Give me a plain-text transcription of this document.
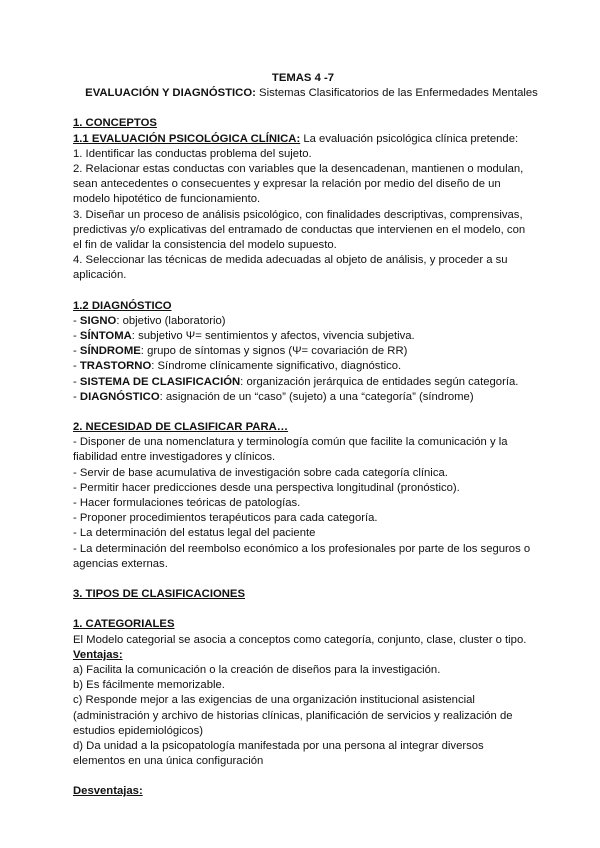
TEMAS 4 -7
EVALUACIÓN Y DIAGNÓSTICO: Sistemas Clasificatorios de las Enfermedades Mentales
1. CONCEPTOS
1.1 EVALUACIÓN PSICOLÓGICA CLÍNICA: La evaluación psicológica clínica pretende:
1. Identificar las conductas problema del sujeto.
2. Relacionar estas conductas con variables que la desencadenan, mantienen o modulan, sean antecedentes o consecuentes y expresar la relación por medio del diseño de un modelo hipotético de funcionamiento.
3. Diseñar un proceso de análisis psicológico, con finalidades descriptivas, comprensivas, predictivas y/o explicativas del entramado de conductas que intervienen en el modelo, con el fin de validar la consistencia del modelo supuesto.
4. Seleccionar las técnicas de medida adecuadas al objeto de análisis, y proceder a su aplicación.
1.2 DIAGNÓSTICO
- SIGNO: objetivo (laboratorio)
- SÍNTOMA: subjetivo Ψ= sentimientos y afectos, vivencia subjetiva.
- SÍNDROME: grupo de síntomas y signos (Ψ= covariación de RR)
- TRASTORNO: Síndrome clínicamente significativo, diagnóstico.
- SISTEMA DE CLASIFICACIÓN: organización jerárquica de entidades según categoría.
- DIAGNÓSTICO: asignación de un “caso” (sujeto) a una “categoría” (síndrome)
2. NECESIDAD DE CLASIFICAR PARA…
- Disponer de una nomenclatura y terminología común que facilite la comunicación y la fiabilidad entre investigadores y clínicos.
- Servir de base acumulativa de investigación sobre cada categoría clínica.
- Permitir hacer predicciones desde una perspectiva longitudinal (pronóstico).
- Hacer formulaciones teóricas de patologías.
- Proponer procedimientos terapéuticos para cada categoría.
- La determinación del estatus legal del paciente
- La determinación del reembolso económico a los profesionales por parte de los seguros o agencias externas.
3. TIPOS DE CLASIFICACIONES
1. CATEGORIALES
El Modelo categorial se asocia a conceptos como categoría, conjunto, clase, cluster o tipo.
Ventajas:
a) Facilita la comunicación o la creación de diseños para la investigación.
b) Es fácilmente memorizable.
c) Responde mejor a las exigencias de una organización institucional asistencial (administración y archivo de historias clínicas, planificación de servicios y realización de estudios epidemiológicos)
d) Da unidad a la psicopatología manifestada por una persona al integrar diversos elementos en una única configuración
Desventajas:
